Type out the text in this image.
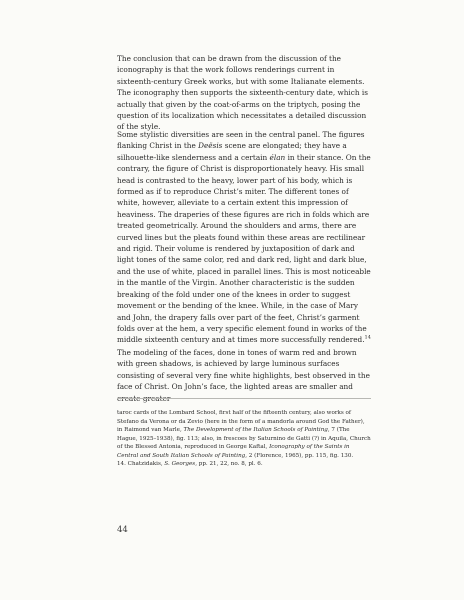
The conclusion that can be drawn from the discussion of the iconography is that the work follows renderings current in sixteenth-century Greek works, but with some Italianate elements. The iconography then supports the sixteenth-century date, which is actually that given by the coat-of-arms on the triptych, posing the question of its localization which necessitates a detailed discussion of the style.

Some stylistic diversities are seen in the central panel. The figures flanking Christ in the Deësis scene are elongated; they have a silhouette-like slenderness and a certain élan in their stance. On the contrary, the figure of Christ is disproportionately heavy. His small head is contrasted to the heavy, lower part of his body, which is formed as if to reproduce Christ’s miter. The different tones of white, however, alleviate to a certain extent this impression of heaviness. The draperies of these figures are rich in folds which are treated geometrically. Around the shoulders and arms, there are curved lines but the pleats found within these areas are rectilinear and rigid. Their volume is rendered by juxtaposition of dark and light tones of the same color, red and dark red, light and dark blue, and the use of white, placed in parallel lines. This is most noticeable in the mantle of the Virgin. Another characteristic is the sudden breaking of the fold under one of the knees in order to suggest movement or the bending of the knee. While, in the case of Mary and John, the drapery falls over part of the feet, Christ’s garment folds over at the hem, a very specific element found in works of the middle sixteenth century and at times more successfully rendered.$^{14}$

The modeling of the faces, done in tones of warm red and brown with green shadows, is achieved by large luminous surfaces consisting of several very fine white highlights, best observed in the face of Christ. On John’s face, the lighted areas are smaller and create greater

taroc cards of the Lombard School, first half of the fifteenth century, also works of Stefano da Verona or da Zevio (here in the form of a mandorla around God the Father), in Raimond van Marle, The Development of the Italian Schools of Painting, 7 (The Hague, 1925–1938), fig. 113; also, in frescoes by Saturnino de Gatti (?) in Aquila, Church of the Blessed Antonia, reproduced in George Kaftal, Iconography of the Saints in Central and South Italian Schools of Painting, 2 (Florence, 1965), pp. 115, fig. 130.

14. Chatzidakis, S. Georges, pp. 21, 22, no. 8, pl. 6.

44
